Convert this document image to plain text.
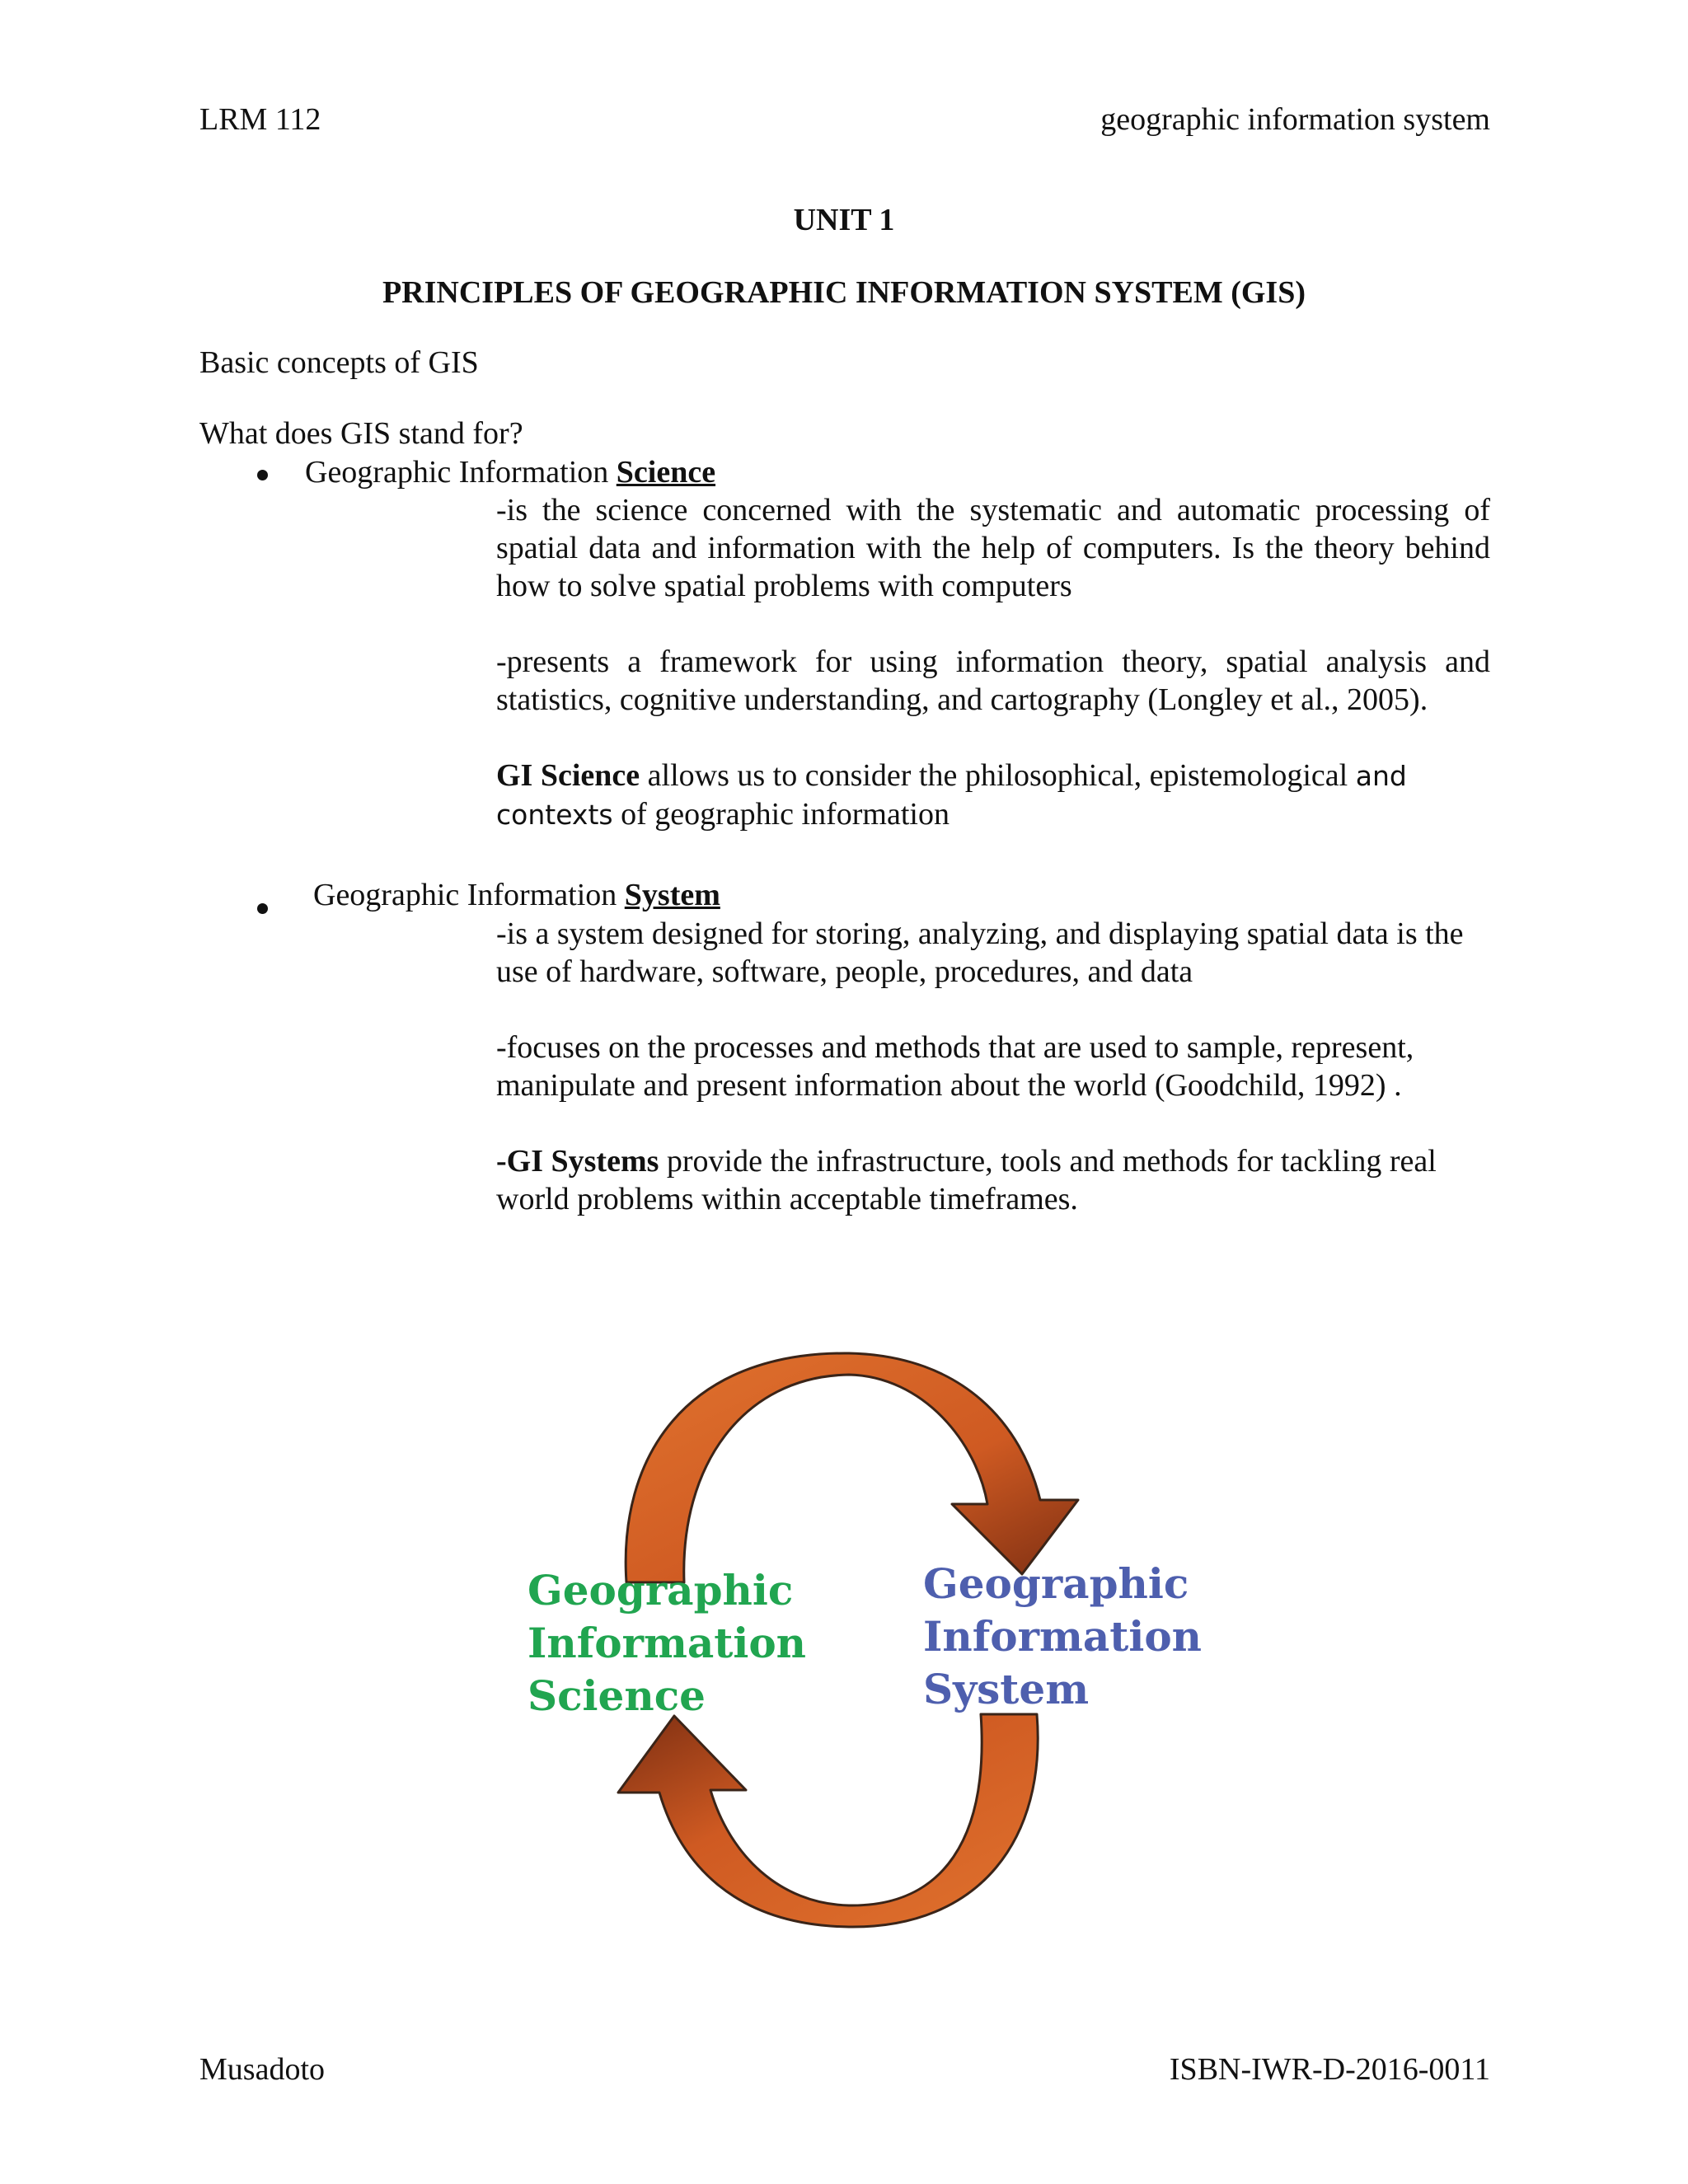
LRM 112	geographic information system
UNIT 1
PRINCIPLES OF GEOGRAPHIC INFORMATION SYSTEM (GIS)
Basic concepts of GIS
What does GIS stand for?
Geographic Information Science

-is the science concerned with the systematic and automatic processing of spatial data and information with the help of computers. Is the theory behind how to solve spatial problems with computers

-presents a framework for using information theory, spatial analysis and statistics, cognitive understanding, and cartography (Longley et al., 2005).

GI Science allows us to consider the philosophical, epistemological and
contexts of geographic information

Geographic Information System

-is a system designed for storing, analyzing, and displaying spatial data is the use of hardware, software, people, procedures, and data

-focuses on the processes and methods that are used to sample, represent, manipulate and present information about the world (Goodchild, 1992) .

-GI Systems provide the infrastructure, tools and methods for tackling real world problems within acceptable timeframes.

Geographic
Information
Science
Geographic
Information
System
Musadoto	ISBN-IWR-D-2016-0011
